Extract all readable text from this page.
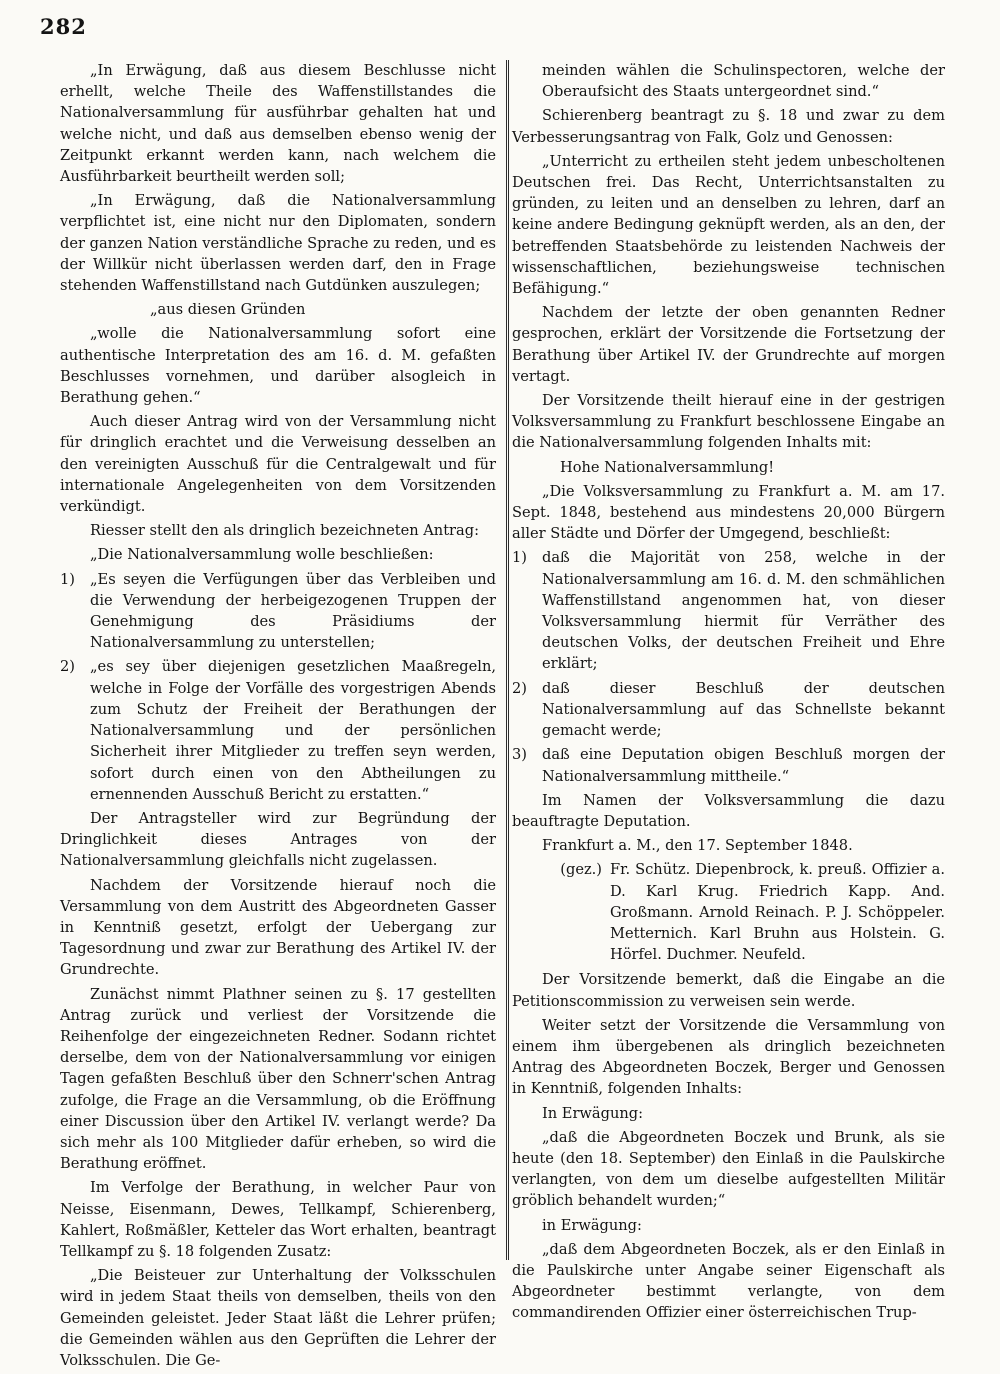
282

„In Erwägung, daß aus diesem Beschlusse nicht erhellt, welche Theile des Waffenstillstandes die Nationalversammlung für ausführbar gehalten hat und welche nicht, und daß aus demselben ebenso wenig der Zeitpunkt erkannt werden kann, nach welchem die Ausführbarkeit beurtheilt werden soll;

„In Erwägung, daß die Nationalversammlung verpflichtet ist, eine nicht nur den Diplomaten, sondern der ganzen Nation verständliche Sprache zu reden, und es der Willkür nicht überlassen werden darf, den in Frage stehenden Waffenstillstand nach Gutdünken auszulegen;

„aus diesen Gründen

„wolle die Nationalversammlung sofort eine authentische Interpretation des am 16. d. M. gefaßten Beschlusses vornehmen, und darüber alsogleich in Berathung gehen.“

Auch dieser Antrag wird von der Versammlung nicht für dringlich erachtet und die Verweisung desselben an den vereinigten Ausschuß für die Centralgewalt und für internationale Angelegenheiten von dem Vorsitzenden verkündigt.

Riesser stellt den als dringlich bezeichneten Antrag:

„Die Nationalversammlung wolle beschließen:

1)	„Es seyen die Verfügungen über das Verbleiben und die Verwendung der herbeigezogenen Truppen der Genehmigung des Präsidiums der Nationalversammlung zu unterstellen;
2)	„es sey über diejenigen gesetzlichen Maaßregeln, welche in Folge der Vorfälle des vorgestrigen Abends zum Schutz der Freiheit der Berathungen der Nationalversammlung und der persönlichen Sicherheit ihrer Mitglieder zu treffen seyn werden, sofort durch einen von den Abtheilungen zu ernennenden Ausschuß Bericht zu erstatten.“

Der Antragsteller wird zur Begründung der Dringlichkeit dieses Antrages von der Nationalversammlung gleichfalls nicht zugelassen.

Nachdem der Vorsitzende hierauf noch die Versammlung von dem Austritt des Abgeordneten Gasser in Kenntniß gesetzt, erfolgt der Uebergang zur Tagesordnung und zwar zur Berathung des Artikel IV. der Grundrechte.

Zunächst nimmt Plathner seinen zu §. 17 gestellten Antrag zurück und verliest der Vorsitzende die Reihenfolge der eingezeichneten Redner. Sodann richtet derselbe, dem von der Nationalversammlung vor einigen Tagen gefaßten Beschluß über den Schnerr'schen Antrag zufolge, die Frage an die Versammlung, ob die Eröffnung einer Discussion über den Artikel IV. verlangt werde? Da sich mehr als 100 Mitglieder dafür erheben, so wird die Berathung eröffnet.

Im Verfolge der Berathung, in welcher Paur von Neisse, Eisenmann, Dewes, Tellkampf, Schierenberg, Kahlert, Roßmäßler, Ketteler das Wort erhalten, beantragt Tellkampf zu §. 18 folgenden Zusatz:

„Die Beisteuer zur Unterhaltung der Volksschulen wird in jedem Staat theils von demselben, theils von den Gemeinden geleistet. Jeder Staat läßt die Lehrer prüfen; die Gemeinden wählen aus den Geprüften die Lehrer der Volksschulen. Die Ge-

meinden wählen die Schulinspectoren, welche der Oberaufsicht des Staats untergeordnet sind.“

Schierenberg beantragt zu §. 18 und zwar zu dem Verbesserungsantrag von Falk, Golz und Genossen:

„Unterricht zu ertheilen steht jedem unbescholtenen Deutschen frei. Das Recht, Unterrichtsanstalten zu gründen, zu leiten und an denselben zu lehren, darf an keine andere Bedingung geknüpft werden, als an den, der betreffenden Staatsbehörde zu leistenden Nachweis der wissenschaftlichen, beziehungsweise technischen Befähigung.“

Nachdem der letzte der oben genannten Redner gesprochen, erklärt der Vorsitzende die Fortsetzung der Berathung über Artikel IV. der Grundrechte auf morgen vertagt.

Der Vorsitzende theilt hierauf eine in der gestrigen Volksversammlung zu Frankfurt beschlossene Eingabe an die Nationalversammlung folgenden Inhalts mit:

Hohe Nationalversammlung!

„Die Volksversammlung zu Frankfurt a. M. am 17. Sept. 1848, bestehend aus mindestens 20,000 Bürgern aller Städte und Dörfer der Umgegend, beschließt:

1)	daß die Majorität von 258, welche in der Nationalversammlung am 16. d. M. den schmählichen Waffenstillstand angenommen hat, von dieser Volksversammlung hiermit für Verräther des deutschen Volks, der deutschen Freiheit und Ehre erklärt;
2)	daß dieser Beschluß der deutschen Nationalversammlung auf das Schnellste bekannt gemacht werde;
3)	daß eine Deputation obigen Beschluß morgen der Nationalversammlung mittheile.“

Im Namen der Volksversammlung die dazu beauftragte Deputation.

Frankfurt a. M., den 17. September 1848.

(gez.) Fr. Schütz. Diepenbrock, k. preuß. Offizier a. D. Karl Krug. Friedrich Kapp. And. Großmann. Arnold Reinach. P. J. Schöppeler. Metternich. Karl Bruhn aus Holstein. G. Hörfel. Duchmer. Neufeld.

Der Vorsitzende bemerkt, daß die Eingabe an die Petitionscommission zu verweisen sein werde.

Weiter setzt der Vorsitzende die Versammlung von einem ihm übergebenen als dringlich bezeichneten Antrag des Abgeordneten Boczek, Berger und Genossen in Kenntniß, folgenden Inhalts:

In Erwägung:

„daß die Abgeordneten Boczek und Brunk, als sie heute (den 18. September) den Einlaß in die Paulskirche verlangten, von dem um dieselbe aufgestellten Militär gröblich behandelt wurden;“

in Erwägung:

„daß dem Abgeordneten Boczek, als er den Einlaß in die Paulskirche unter Angabe seiner Eigenschaft als Abgeordneter bestimmt verlangte, von dem commandirenden Offizier einer österreichischen Trup-
